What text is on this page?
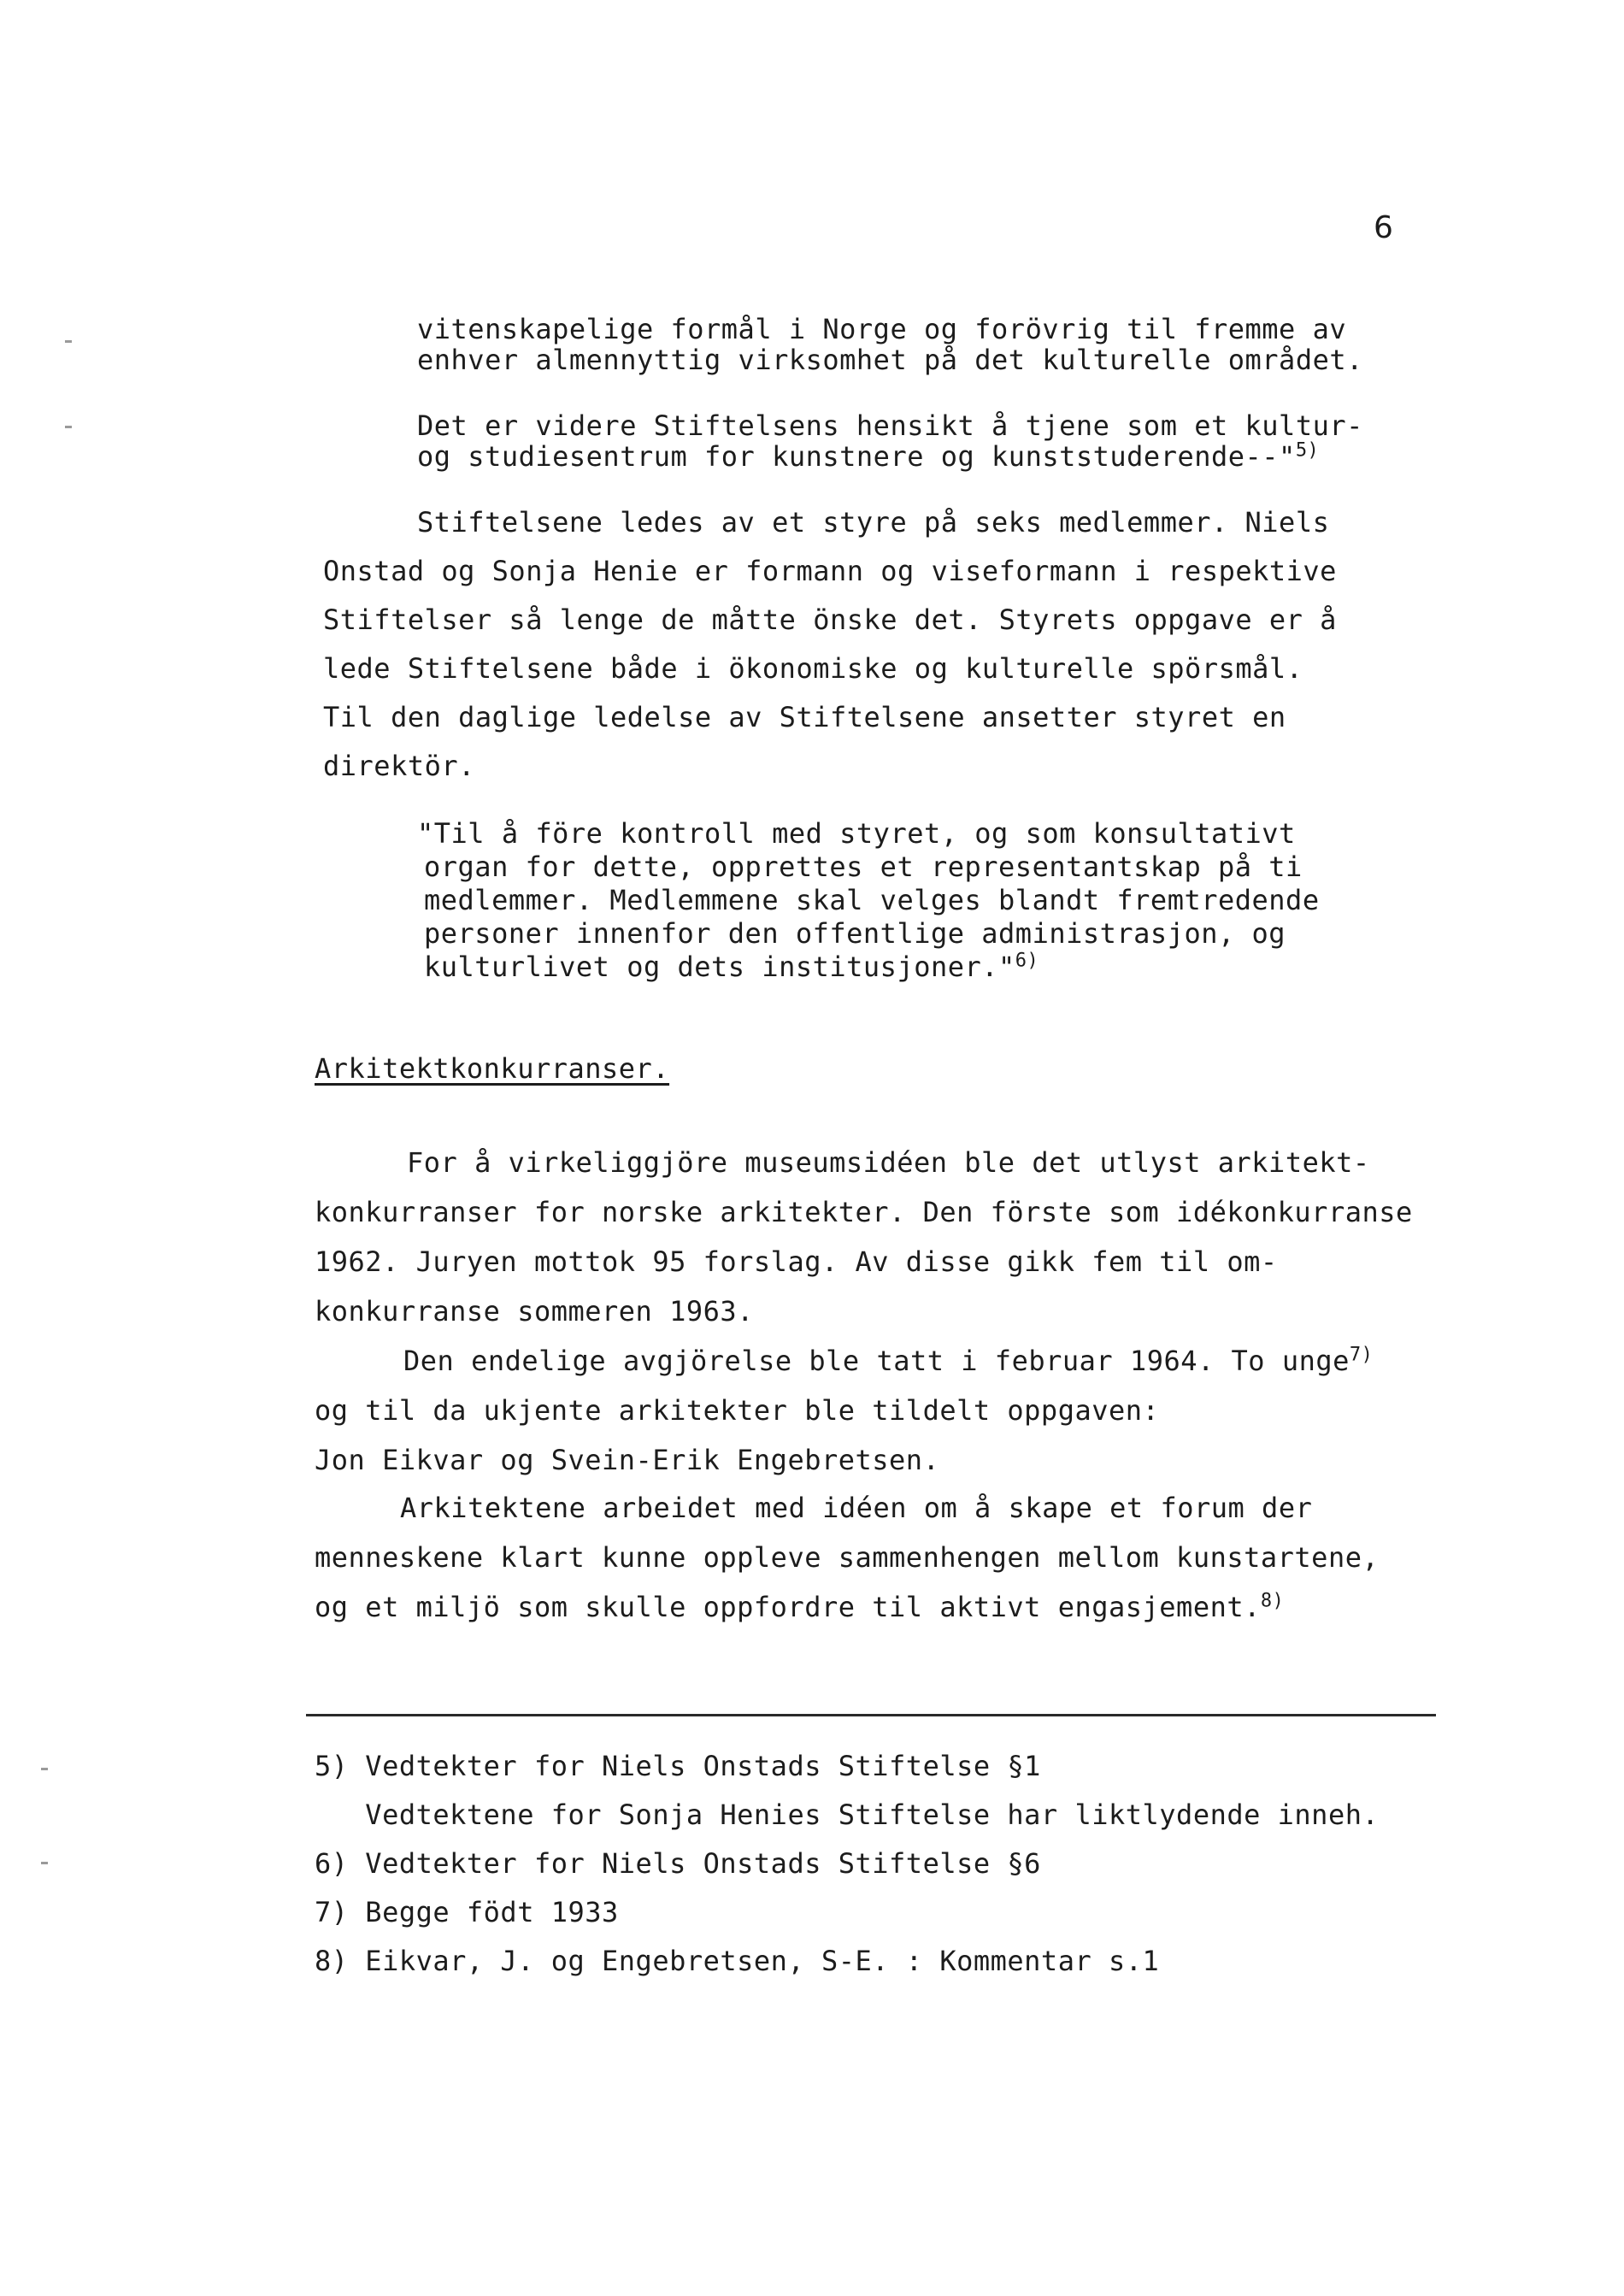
6
vitenskapelige formål i Norge og forövrig til fremme av
enhver almennyttig virksomhet på det kulturelle området.
Det er videre Stiftelsens hensikt å tjene som et kultur-
og studiesentrum for kunstnere og kunststuderende--"$^{5)}$
Stiftelsene ledes av et styre på seks medlemmer. Niels
Onstad og Sonja Henie er formann og viseformann i respektive
Stiftelser så lenge de måtte önske det. Styrets oppgave er å
lede Stiftelsene både i ökonomiske og kulturelle spörsmål.
Til den daglige ledelse av Stiftelsene ansetter styret en
direktör.
"Til å före kontroll med styret, og som konsultativt
organ for dette, opprettes et representantskap på ti
medlemmer. Medlemmene skal velges blandt fremtredende
personer innenfor den offentlige administrasjon, og
kulturlivet og dets institusjoner."$^{6)}$
Arkitektkonkurranser.
For å virkeliggjöre museumsidéen ble det utlyst arkitekt-
konkurranser for norske arkitekter. Den förste som idékonkurranse
1962. Juryen mottok 95 forslag. Av disse gikk fem til om-
konkurranse sommeren 1963.
Den endelige avgjörelse ble tatt i februar 1964. To unge$^{7)}$
og til da ukjente arkitekter ble tildelt oppgaven:
Jon Eikvar og Svein-Erik Engebretsen.
Arkitektene arbeidet med idéen om å skape et forum der
menneskene klart kunne oppleve sammenhengen mellom kunstartene,
og et miljö som skulle oppfordre til aktivt engasjement.$^{8)}$
5) Vedtekter for Niels Onstads Stiftelse §1
Vedtektene for Sonja Henies Stiftelse har liktlydende inneh.
6) Vedtekter for Niels Onstads Stiftelse §6
7) Begge födt 1933
8) Eikvar, J. og Engebretsen, S-E. : Kommentar s.1
